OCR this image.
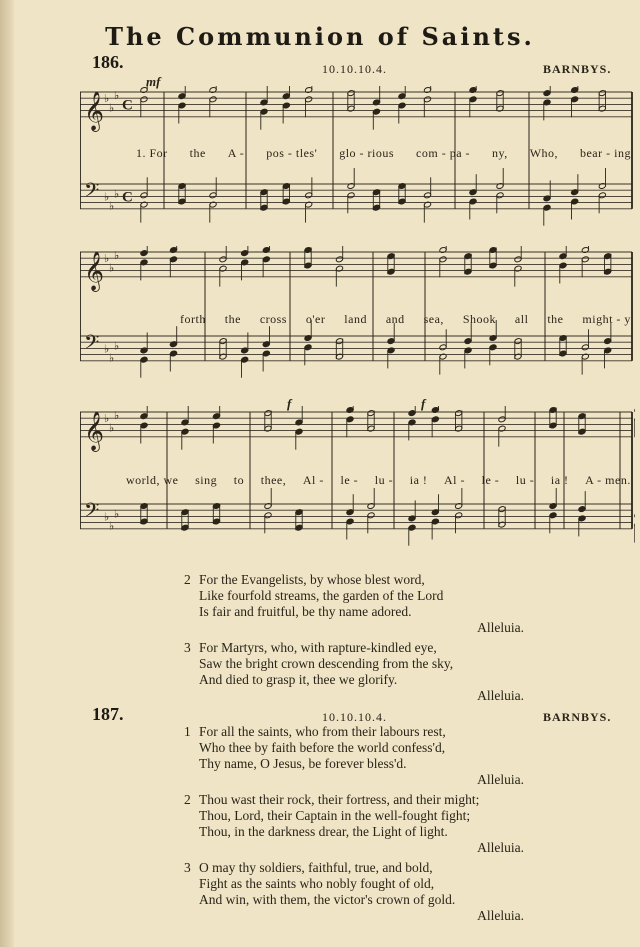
The Communion of Saints.
186.	10.10.10.4.	BARNBYS.
mf
f	f
𝄞 ♭
♭
♭
C
𝄢 ♭
♭
♭ C
𝄞 ♭
♭
♭
𝄢 ♭
♭
♭
𝄞 ♭
♭
♭
𝄢 ♭
♭
♭
1. For the A - pos - tles' glo - rious com - pa - ny, Who, bear - ing
forth the cross o'er land and sea, Shook all the might - y
world, we sing to thee, Al - le - lu - ia ! Al - le - lu - ia ! A - men.
2 For the Evangelists, by whose blest word,
Like fourfold streams, the garden of the Lord
Is fair and fruitful, be thy name adored.
Alleluia.
3 For Martyrs, who, with rapture-kindled eye,
Saw the bright crown descending from the sky,
And died to grasp it, thee we glorify.
Alleluia.
187.	10.10.10.4.	BARNBYS.
1 For all the saints, who from their labours rest,
Who thee by faith before the world confess'd,
Thy name, O Jesus, be forever bless'd.
Alleluia.
2 Thou wast their rock, their fortress, and their might;
Thou, Lord, their Captain in the well-fought fight;
Thou, in the darkness drear, the Light of light.
Alleluia.
3 O may thy soldiers, faithful, true, and bold,
Fight as the saints who nobly fought of old,
And win, with them, the victor's crown of gold.
Alleluia.
